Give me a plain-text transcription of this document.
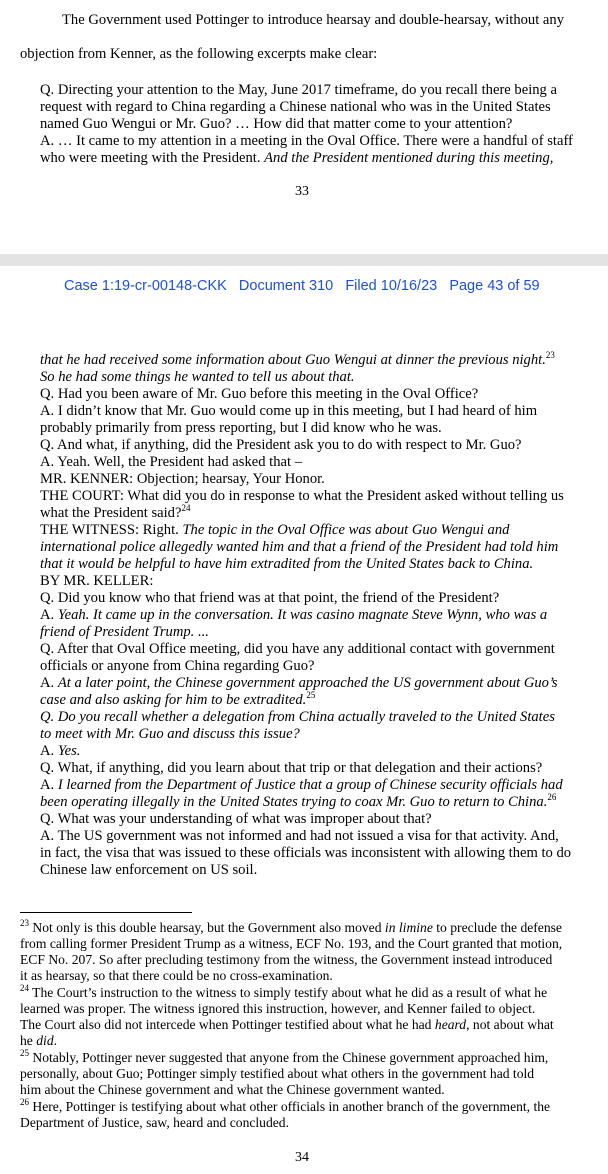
The Government used Pottinger to introduce hearsay and double-hearsay, without any
objection from Kenner, as the following excerpts make clear:
Q. Directing your attention to the May, June 2017 timeframe, do you recall there being a
request with regard to China regarding a Chinese national who was in the United States
named Guo Wengui or Mr. Guo? … How did that matter come to your attention?
A. … It came to my attention in a meeting in the Oval Office. There were a handful of staff
who were meeting with the President. And the President mentioned during this meeting,
33
Case 1:19-cr-00148-CKK Document 310 Filed 10/16/23 Page 43 of 59
that he had received some information about Guo Wengui at dinner the previous night.$^{23}$
So he had some things he wanted to tell us about that.
Q. Had you been aware of Mr. Guo before this meeting in the Oval Office?
A. I didn’t know that Mr. Guo would come up in this meeting, but I had heard of him
probably primarily from press reporting, but I did know who he was.
Q. And what, if anything, did the President ask you to do with respect to Mr. Guo?
A. Yeah. Well, the President had asked that –
MR. KENNER: Objection; hearsay, Your Honor.
THE COURT: What did you do in response to what the President asked without telling us
what the President said?$^{24}$
THE WITNESS: Right. The topic in the Oval Office was about Guo Wengui and
international police allegedly wanted him and that a friend of the President had told him
that it would be helpful to have him extradited from the United States back to China.
BY MR. KELLER:
Q. Did you know who that friend was at that point, the friend of the President?
A. Yeah. It came up in the conversation. It was casino magnate Steve Wynn, who was a
friend of President Trump. ...
Q. After that Oval Office meeting, did you have any additional contact with government
officials or anyone from China regarding Guo?
A. At a later point, the Chinese government approached the US government about Guo’s
case and also asking for him to be extradited.$^{25}$
Q. Do you recall whether a delegation from China actually traveled to the United States
to meet with Mr. Guo and discuss this issue?
A. Yes.
Q. What, if anything, did you learn about that trip or that delegation and their actions?
A. I learned from the Department of Justice that a group of Chinese security officials had
been operating illegally in the United States trying to coax Mr. Guo to return to China.$^{26}$
Q. What was your understanding of what was improper about that?
A. The US government was not informed and had not issued a visa for that activity. And,
in fact, the visa that was issued to these officials was inconsistent with allowing them to do
Chinese law enforcement on US soil.
$^{23}$ Not only is this double hearsay, but the Government also moved in limine to preclude the defense
from calling former President Trump as a witness, ECF No. 193, and the Court granted that motion,
ECF No. 207. So after precluding testimony from the witness, the Government instead introduced
it as hearsay, so that there could be no cross-examination.
$^{24}$ The Court’s instruction to the witness to simply testify about what he did as a result of what he
learned was proper. The witness ignored this instruction, however, and Kenner failed to object.
The Court also did not intercede when Pottinger testified about what he had heard, not about what
he did.
$^{25}$ Notably, Pottinger never suggested that anyone from the Chinese government approached him,
personally, about Guo; Pottinger simply testified about what others in the government had told
him about the Chinese government and what the Chinese government wanted.
$^{26}$ Here, Pottinger is testifying about what other officials in another branch of the government, the
Department of Justice, saw, heard and concluded.
34
